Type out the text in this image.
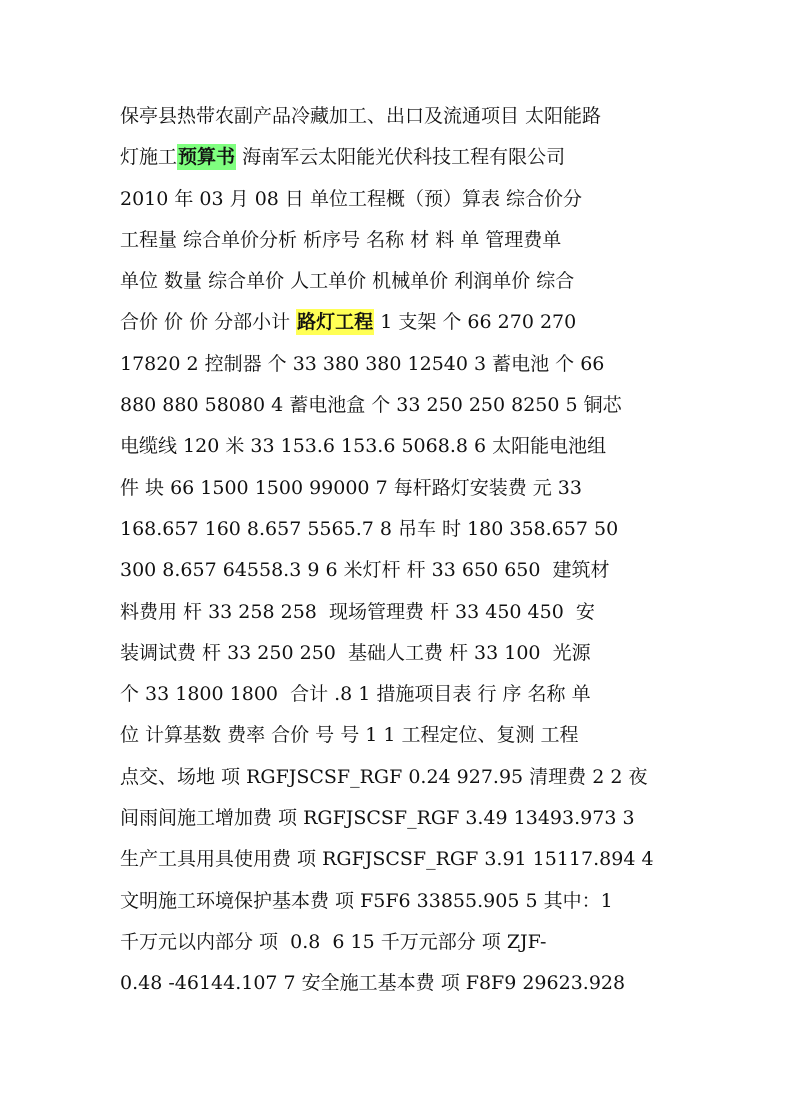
保亭县热带农副产品冷藏加工、出口及流通项目 太阳能路
灯施工预算书 海南军云太阳能光伏科技工程有限公司
2010 年 03 月 08 日 单位工程概（预）算表 综合价分
工程量 综合单价分析 析序号 名称 材 料 单 管理费单
单位 数量 综合单价 人工单价 机械单价 利润单价 综合
合价 价 价 分部小计 路灯工程 1 支架 个 66 270 270
17820 2 控制器 个 33 380 380 12540 3 蓄电池 个 66
880 880 58080 4 蓄电池盒 个 33 250 250 8250 5 铜芯
电缆线 120 米 33 153.6 153.6 5068.8 6 太阳能电池组
件 块 66 1500 1500 99000 7 每杆路灯安装费 元 33
168.657 160 8.657 5565.7 8 吊车 时 180 358.657 50
300 8.657 64558.3 9 6 米灯杆 杆 33 650 650  建筑材
料费用 杆 33 258 258  现场管理费 杆 33 450 450  安
装调试费 杆 33 250 250  基础人工费 杆 33 100  光源
个 33 1800 1800  合计 .8 1 措施项目表 行 序 名称 单
位 计算基数 费率 合价 号 号 1 1 工程定位、复测 工程
点交、场地 项 RGFJSCSF_RGF 0.24 927.95 清理费 2 2 夜
间雨间施工增加费 项 RGFJSCSF_RGF 3.49 13493.973 3
生产工具用具使用费 项 RGFJSCSF_RGF 3.91 15117.894 4
文明施工环境保护基本费 项 F5F6 33855.905 5 其中：1
千万元以内部分 项  0.8  6 15 千万元部分 项 ZJF-
0.48 -46144.107 7 安全施工基本费 项 F8F9 29623.928
